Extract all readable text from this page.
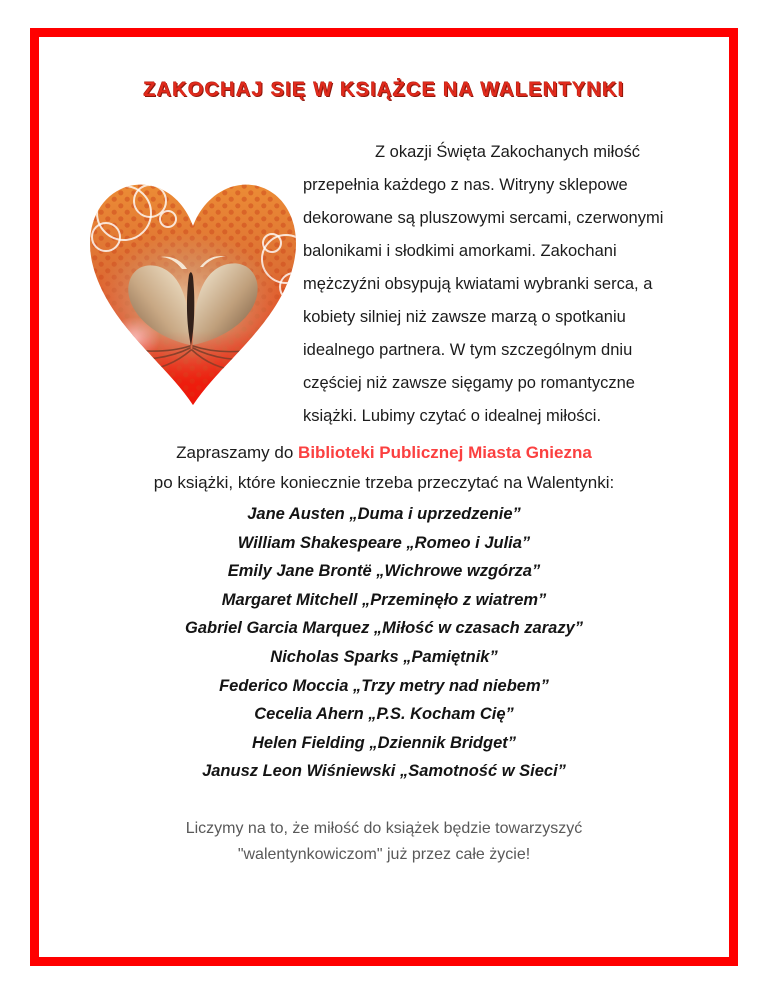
ZAKOCHAJ SIĘ W KSIĄŻCE NA WALENTYNKI
Z okazji Święta Zakochanych miłość
przepełnia każdego z nas. Witryny sklepowe
dekorowane są pluszowymi sercami, czerwonymi
balonikami i słodkimi amorkami. Zakochani
mężczyźni obsypują kwiatami wybranki serca, a
kobiety silniej niż zawsze marzą o spotkaniu
idealnego partnera. W tym szczególnym dniu
częściej niż zawsze sięgamy po romantyczne
książki. Lubimy czytać o idealnej miłości.
Zapraszamy do Biblioteki Publicznej Miasta Gniezna
po książki, które koniecznie trzeba przeczytać na Walentynki:
Jane Austen „Duma i uprzedzenie”
William Shakespeare „Romeo i Julia”
Emily Jane Brontë „Wichrowe wzgórza”
Margaret Mitchell „Przeminęło z wiatrem”
Gabriel Garcia Marquez „Miłość w czasach zarazy”
Nicholas Sparks „Pamiętnik”
Federico Moccia „Trzy metry nad niebem”
Cecelia Ahern „P.S. Kocham Cię”
Helen Fielding „Dziennik Bridget”
Janusz Leon Wiśniewski „Samotność w Sieci”
Liczymy na to, że miłość do książek będzie towarzyszyć
"walentynkowiczom" już przez całe życie!
